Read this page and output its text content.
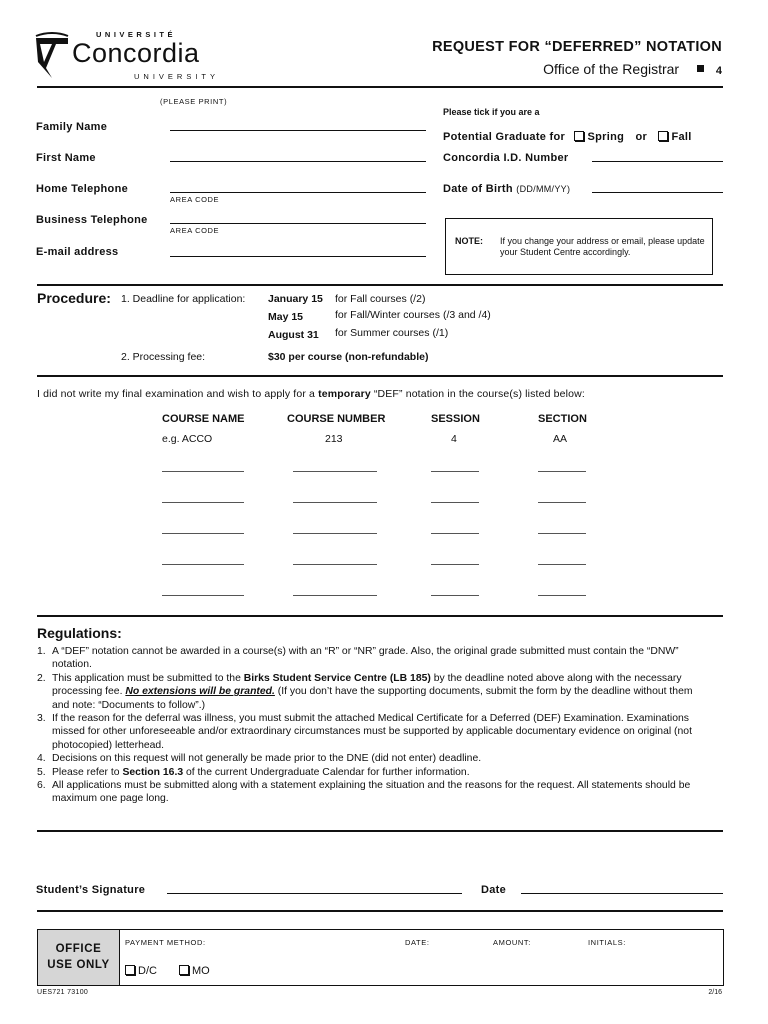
UNIVERSITÉ
Concordia
UNIVERSITY
REQUEST FOR “DEFERRED” NOTATION
Office of the Registrar	4
(PLEASE PRINT)
Family Name
First Name
Home Telephone
AREA CODE
Business Telephone
AREA CODE
E-mail address
Please tick if you are a
Potential Graduate for Spring or Fall
Concordia I.D. Number
Date of Birth (DD/MM/YY)
NOTE: If you change your address or email, please update your Student Centre accordingly.
Procedure: 1. Deadline for application: January 15 for Fall courses (/2)
May 15	for Fall/Winter courses (/3 and /4)
August 31 for Summer courses (/1)
2. Processing fee:	$30 per course (non-refundable)
I did not write my final examination and wish to apply for a temporary “DEF” notation in the course(s) listed below:
COURSE NAME	COURSE NUMBER	SESSION	SECTION
e.g. ACCO	213	4	AA
Regulations:
1. A “DEF” notation cannot be awarded in a course(s) with an “R” or “NR” grade. Also, the original grade submitted must contain the “DNW” notation.
2. This application must be submitted to the Birks Student Service Centre (LB 185) by the deadline noted above along with the necessary processing fee. No extensions will be granted. (If you don’t have the supporting documents, submit the form by the deadline without them and note: “Documents to follow”.)
3. If the reason for the deferral was illness, you must submit the attached Medical Certificate for a Deferred (DEF) Examination. Examinations missed for other unforeseeable and/or extraordinary circumstances must be supported by applicable documentary evidence on original (not photocopied) letterhead.
4. Decisions on this request will not generally be made prior to the DNE (did not enter) deadline.
5. Please refer to Section 16.3 of the current Undergraduate Calendar for further information.
6. All applications must be submitted along with a statement explaining the situation and the reasons for the request. All statements should be maximum one page long.
Student’s Signature	Date
OFFICE
USE ONLY
PAYMENT METHOD:	DATE:	AMOUNT:	INITIALS:
D/C	MO
UES721 73100	2/16
